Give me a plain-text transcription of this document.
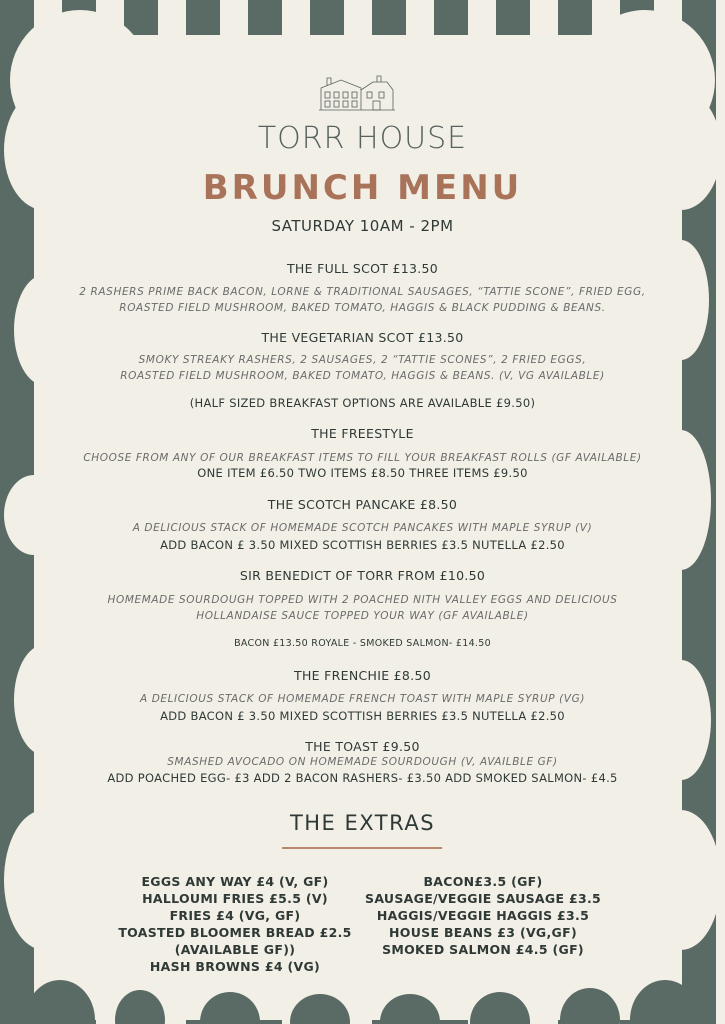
TORR HOUSE
BRUNCH MENU
SATURDAY 10AM - 2PM
THE FULL SCOT £13.50
2 RASHERS PRIME BACK BACON, LORNE & TRADITIONAL SAUSAGES, “TATTIE SCONE”, FRIED EGG,
ROASTED FIELD MUSHROOM, BAKED TOMATO, HAGGIS & BLACK PUDDING & BEANS.
THE VEGETARIAN SCOT £13.50
SMOKY STREAKY RASHERS, 2 SAUSAGES, 2 “TATTIE SCONES”, 2 FRIED EGGS,
ROASTED FIELD MUSHROOM, BAKED TOMATO, HAGGIS & BEANS. (V, VG AVAILABLE)
(HALF SIZED BREAKFAST OPTIONS ARE AVAILABLE £9.50)
THE FREESTYLE
CHOOSE FROM ANY OF OUR BREAKFAST ITEMS TO FILL YOUR BREAKFAST ROLLS (GF AVAILABLE)
ONE ITEM £6.50 TWO ITEMS £8.50 THREE ITEMS £9.50
THE SCOTCH PANCAKE £8.50
A DELICIOUS STACK OF HOMEMADE SCOTCH PANCAKES WITH MAPLE SYRUP (V)
ADD BACON £ 3.50 MIXED SCOTTISH BERRIES £3.5 NUTELLA £2.50
SIR BENEDICT OF TORR FROM £10.50
HOMEMADE SOURDOUGH TOPPED WITH 2 POACHED NITH VALLEY EGGS AND DELICIOUS
HOLLANDAISE SAUCE TOPPED YOUR WAY (GF AVAILABLE)
BACON £13.50 ROYALE - SMOKED SALMON- £14.50
THE FRENCHIE £8.50
A DELICIOUS STACK OF HOMEMADE FRENCH TOAST WITH MAPLE SYRUP (VG)
ADD BACON £ 3.50 MIXED SCOTTISH BERRIES £3.5 NUTELLA £2.50
THE TOAST £9.50
SMASHED AVOCADO ON HOMEMADE SOURDOUGH (V, AVAILBLE GF)
ADD POACHED EGG- £3 ADD 2 BACON RASHERS- £3.50 ADD SMOKED SALMON- £4.5
THE EXTRAS
EGGS ANY WAY £4 (V, GF)
HALLOUMI FRIES £5.5 (V)
FRIES £4 (VG, GF)
TOASTED BLOOMER BREAD £2.5
(AVAILABLE GF))
HASH BROWNS £4 (VG)
BACON£3.5 (GF)
SAUSAGE/VEGGIE SAUSAGE £3.5
HAGGIS/VEGGIE HAGGIS £3.5
HOUSE BEANS £3 (VG,GF)
SMOKED SALMON £4.5 (GF)
